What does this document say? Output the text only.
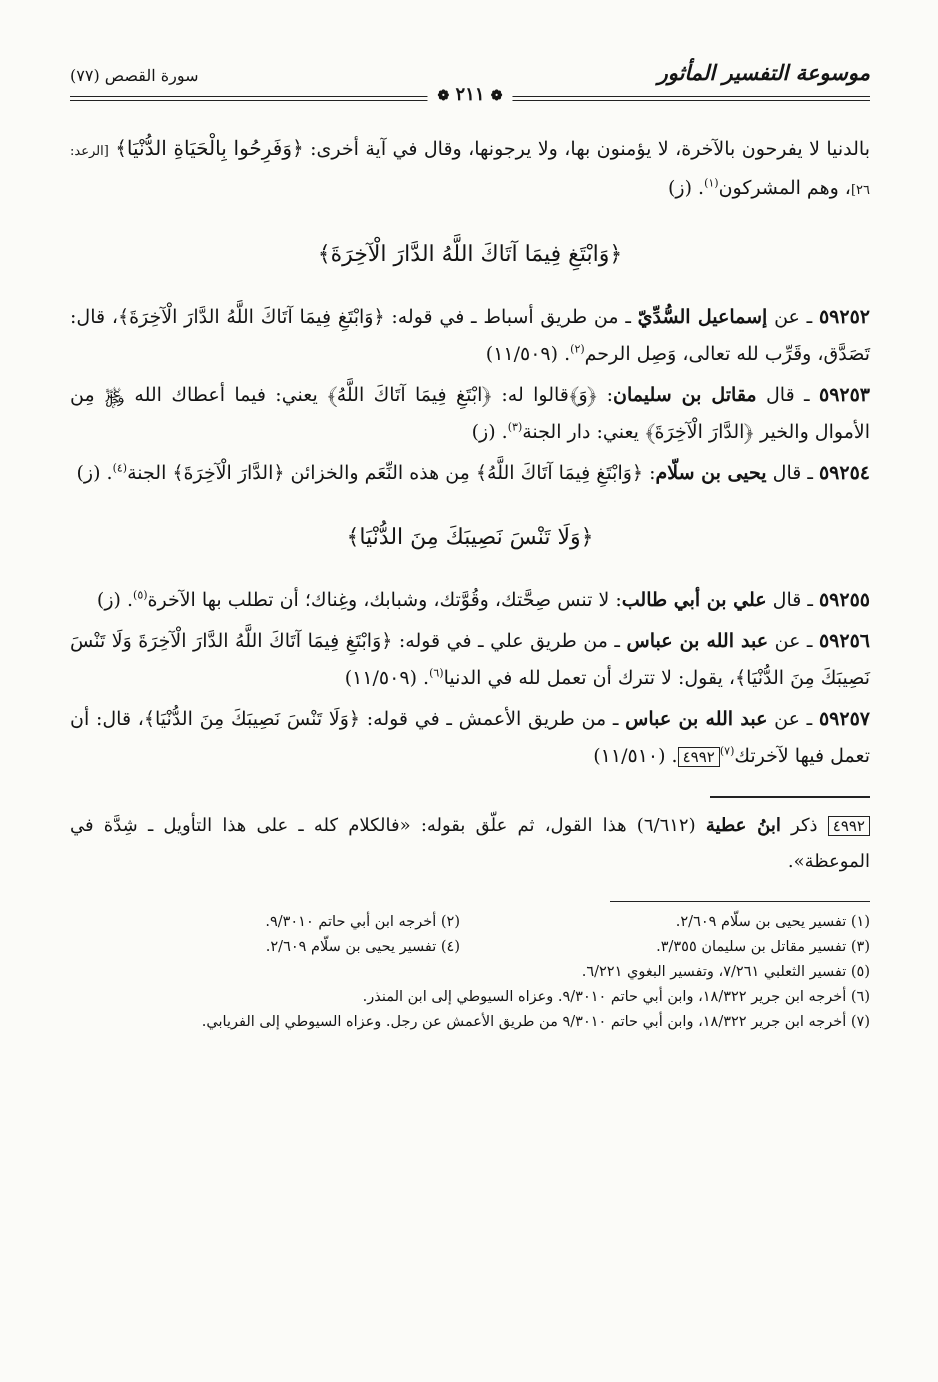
موسوعة التفسير المأثور
سورة القصص (٧٧)
❁ ٢١١ ❁

بالدنيا لا يفرحون بالآخرة، لا يؤمنون بها، ولا يرجونها، وقال في آية أخرى: ﴿وَفَرِحُوا بِالْحَيَاةِ الدُّنْيَا﴾ [الرعد: ٢٦]، وهم المشركون$^{(١)}$. (ز)

﴿وَابْتَغِ فِيمَا آتَاكَ اللَّهُ الدَّارَ الْآخِرَةَ﴾

٥٩٢٥٢ ـ عن إسماعيل السُّدِّيّ ـ من طريق أسباط ـ في قوله: ﴿وَابْتَغِ فِيمَا آتَاكَ اللَّهُ الدَّارَ الْآخِرَةَ﴾، قال: تَصَدَّق، وقَرِّب لله تعالى، وَصِل الرحم$^{(٢)}$. (١١/٥٠٩)

٥٩٢٥٣ ـ قال مقاتل بن سليمان: ﴿وَ﴾قالوا له: ﴿ابْتَغِ فِيمَا آتَاكَ اللَّهُ﴾ يعني: فيما أعطاك الله ﷿ مِن الأموال والخير ﴿الدَّارَ الْآخِرَةَ﴾ يعني: دار الجنة$^{(٣)}$. (ز)

٥٩٢٥٤ ـ قال يحيى بن سلّام: ﴿وَابْتَغِ فِيمَا آتَاكَ اللَّهُ﴾ مِن هذه النِّعَم والخزائن ﴿الدَّارَ الْآخِرَةَ﴾ الجنة$^{(٤)}$. (ز)

﴿وَلَا تَنْسَ نَصِيبَكَ مِنَ الدُّنْيَا﴾

٥٩٢٥٥ ـ قال علي بن أبي طالب: لا تنس صِحَّتك، وقُوَّتك، وشبابك، وغِناك؛ أن تطلب بها الآخرة$^{(٥)}$. (ز)

٥٩٢٥٦ ـ عن عبد الله بن عباس ـ من طريق علي ـ في قوله: ﴿وَابْتَغِ فِيمَا آتَاكَ اللَّهُ الدَّارَ الْآخِرَةَ وَلَا تَنْسَ نَصِيبَكَ مِنَ الدُّنْيَا﴾، يقول: لا تترك أن تعمل لله في الدنيا$^{(٦)}$. (١١/٥٠٩)

٥٩٢٥٧ ـ عن عبد الله بن عباس ـ من طريق الأعمش ـ في قوله: ﴿وَلَا تَنْسَ نَصِيبَكَ مِنَ الدُّنْيَا﴾، قال: أن تعمل فيها لآخرتك$^{(٧)}$٤٩٩٢. (١١/٥١٠)

٤٩٩٢ ذكر ابنُ عطية (٦/٦١٢) هذا القول، ثم علّق بقوله: «فالكلام كله ـ على هذا التأويل ـ شِدَّة في الموعظة».

(١) تفسير يحيى بن سلّام ٢/٦٠٩.
(٢) أخرجه ابن أبي حاتم ٩/٣٠١٠.
(٣) تفسير مقاتل بن سليمان ٣/٣٥٥.
(٤) تفسير يحيى بن سلّام ٢/٦٠٩.
(٥) تفسير الثعلبي ٧/٢٦١، وتفسير البغوي ٦/٢٢١.
(٦) أخرجه ابن جرير ١٨/٣٢٢، وابن أبي حاتم ٩/٣٠١٠. وعزاه السيوطي إلى ابن المنذر.
(٧) أخرجه ابن جرير ١٨/٣٢٢، وابن أبي حاتم ٩/٣٠١٠ من طريق الأعمش عن رجل. وعزاه السيوطي إلى الفريابي.
